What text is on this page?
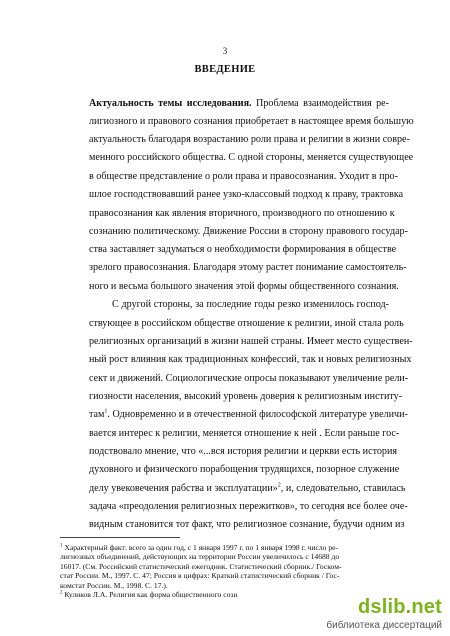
3
ВВЕДЕНИЕ
Актуальность темы исследования. Проблема взаимодействия ре-
лигиозного и правового сознания приобретает в настоящее время большую
актуальность благодаря возрастанию роли права и религии в жизни совре-
менного российского общества. С одной стороны, меняется существующее
в обществе представление о роли права и правосознания. Уходит в про-
шлое господствовавший ранее узко-классовый подход к праву, трактовка
правосознания как явления вторичного, производного по отношению к
сознанию политическому. Движение России в сторону правового государ-
ства заставляет задуматься о необходимости формирования в обществе
зрелого правосознания. Благодаря этому растет понимание самостоятель-
ного и весьма большого значения этой формы общественного сознания.
С другой стороны, за последние годы резко изменилось господ-
ствующее в российском обществе отношение к религии, иной стала роль
религиозных организаций в жизни нашей страны. Имеет место существен-
ный рост влияния как традиционных конфессий, так и новых религиозных
сект и движений. Социологические опросы показывают увеличение рели-
гиозности населения, высокий уровень доверия к религиозным институ-
там$^1$. Одновременно и в отечественной философской литературе увеличи-
вается интерес к религии, меняется отношение к ней . Если раньше гос-
подствовало мнение, что «...вся история религии и церкви есть история
духовного и физического порабощения трудящихся, позорное служение
делу увековечения рабства и эксплуатации»$^2$, и, следовательно, ставилась
задача «преодоления религиозных пережитков», то сегодня все более оче-
видным становится тот факт, что религиозное сознание, будучи одним из
$^1$ Характерный факт: всего за один год, с 1 января 1997 г. по 1 января 1998 г. число ре-
лигиозных объединений, действующих на территории России увеличилось с 14688 до
16017. (См. Российский статистический ежегодник. Статистический сборник./ Госком-
стат России. М., 1997. С. 47; Россия в цифрах: Краткий статистический сборник / Гос-
комстат России. М., 1998. С. 17.).
$^2$ Куликов Л.А. Религия как форма общественного созн
dslib.net
библиотека диссертаций
